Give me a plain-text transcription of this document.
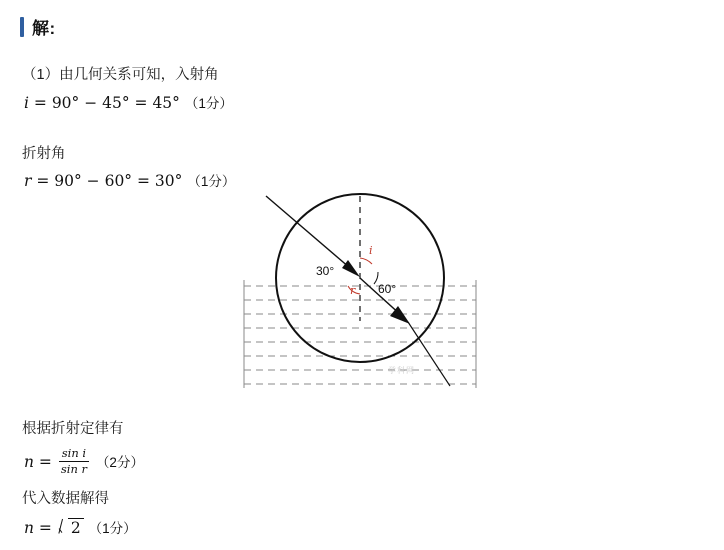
解:
（1）由几何关系可知，入射角
i = 90° − 45° = 45° （1分）
折射角
r = 90° − 60° = 30° （1分）
i
r
30°
60°
学科网
根据折射定律有
$n = \frac{\text{sin i}}{\text{sin r}} (2$分）
代入数据解得
n = 2 （1分）
